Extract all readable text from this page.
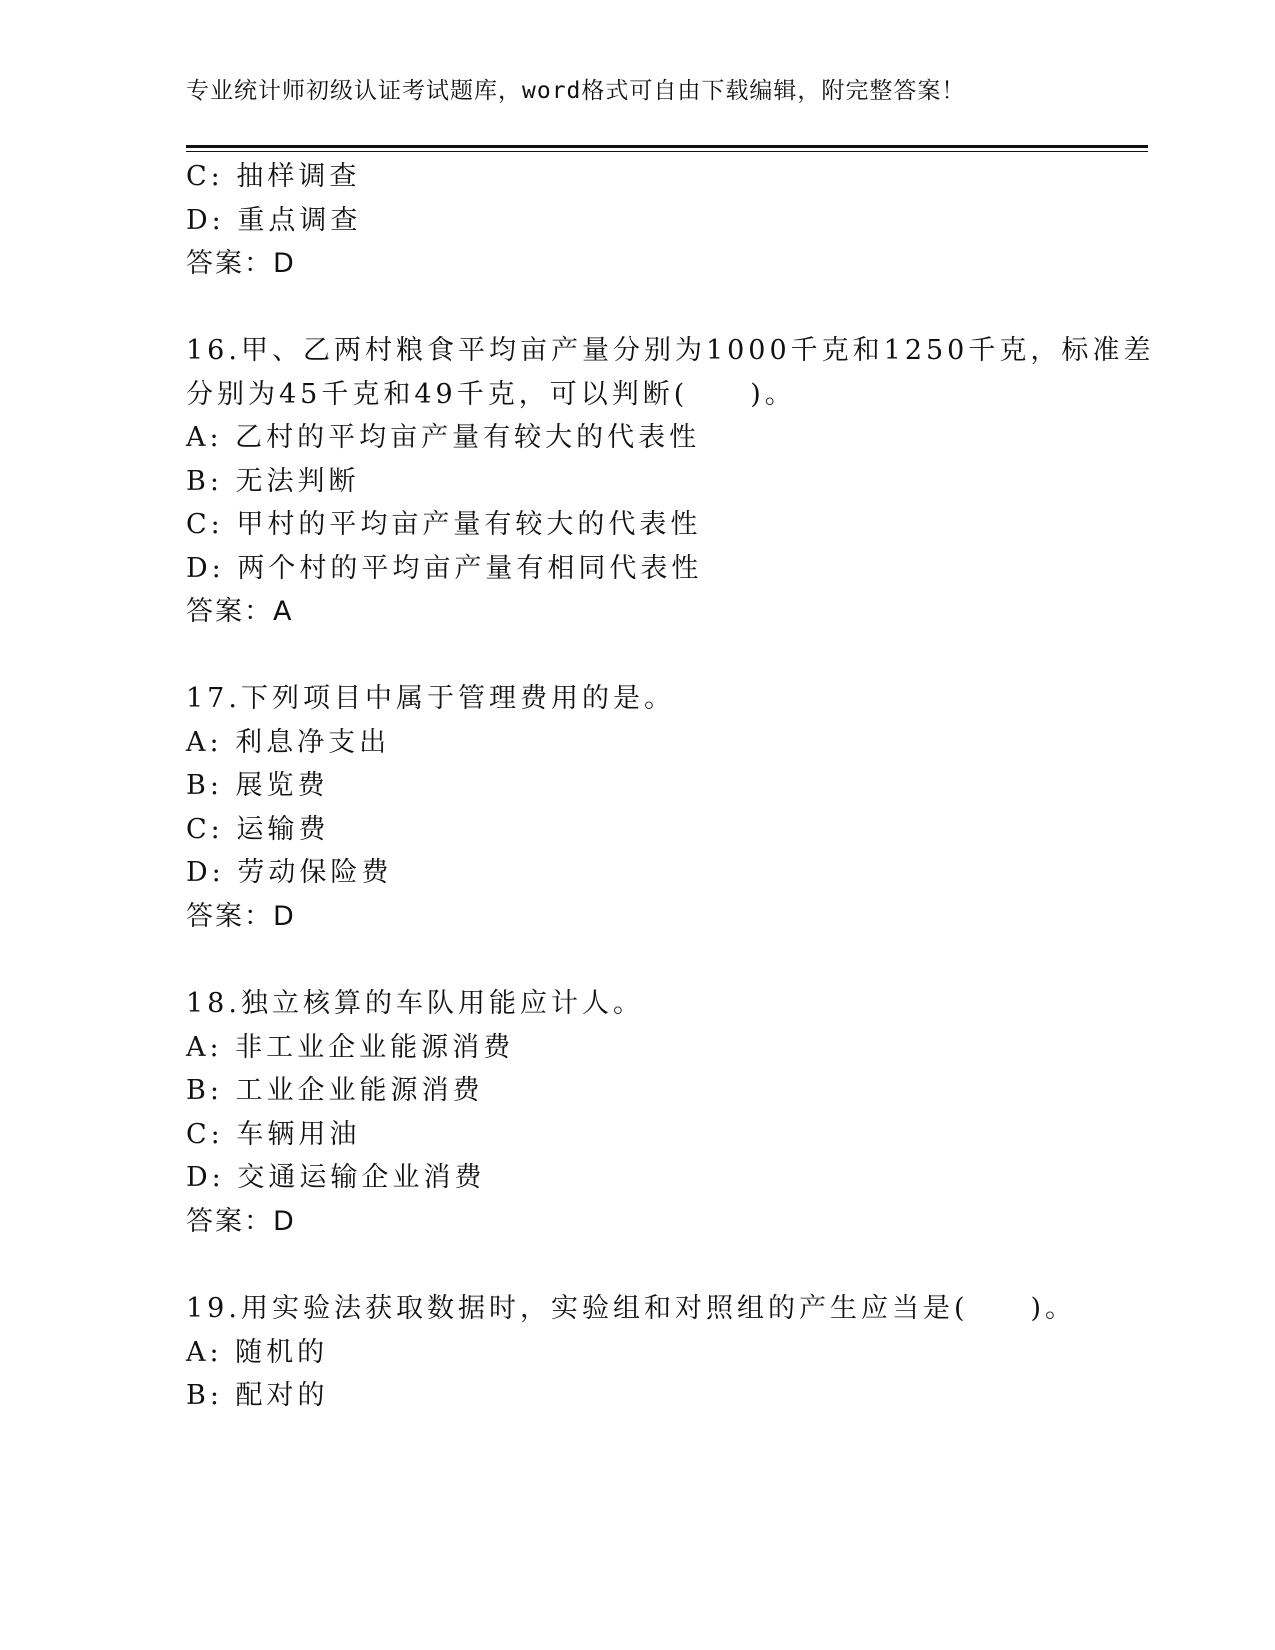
专业统计师初级认证考试题库，word格式可自由下载编辑，附完整答案！
C: 抽样调查
D: 重点调查
答案：D
16.甲、乙两村粮食平均亩产量分别为1000千克和1250千克，标准差
分别为45千克和49千克，可以判断(　　)。
A: 乙村的平均亩产量有较大的代表性
B: 无法判断
C: 甲村的平均亩产量有较大的代表性
D: 两个村的平均亩产量有相同代表性
答案：A
17.下列项目中属于管理费用的是。
A: 利息净支出
B: 展览费
C: 运输费
D: 劳动保险费
答案：D
18.独立核算的车队用能应计人。
A: 非工业企业能源消费
B: 工业企业能源消费
C: 车辆用油
D: 交通运输企业消费
答案：D
19.用实验法获取数据时，实验组和对照组的产生应当是(　　)。
A: 随机的
B: 配对的
